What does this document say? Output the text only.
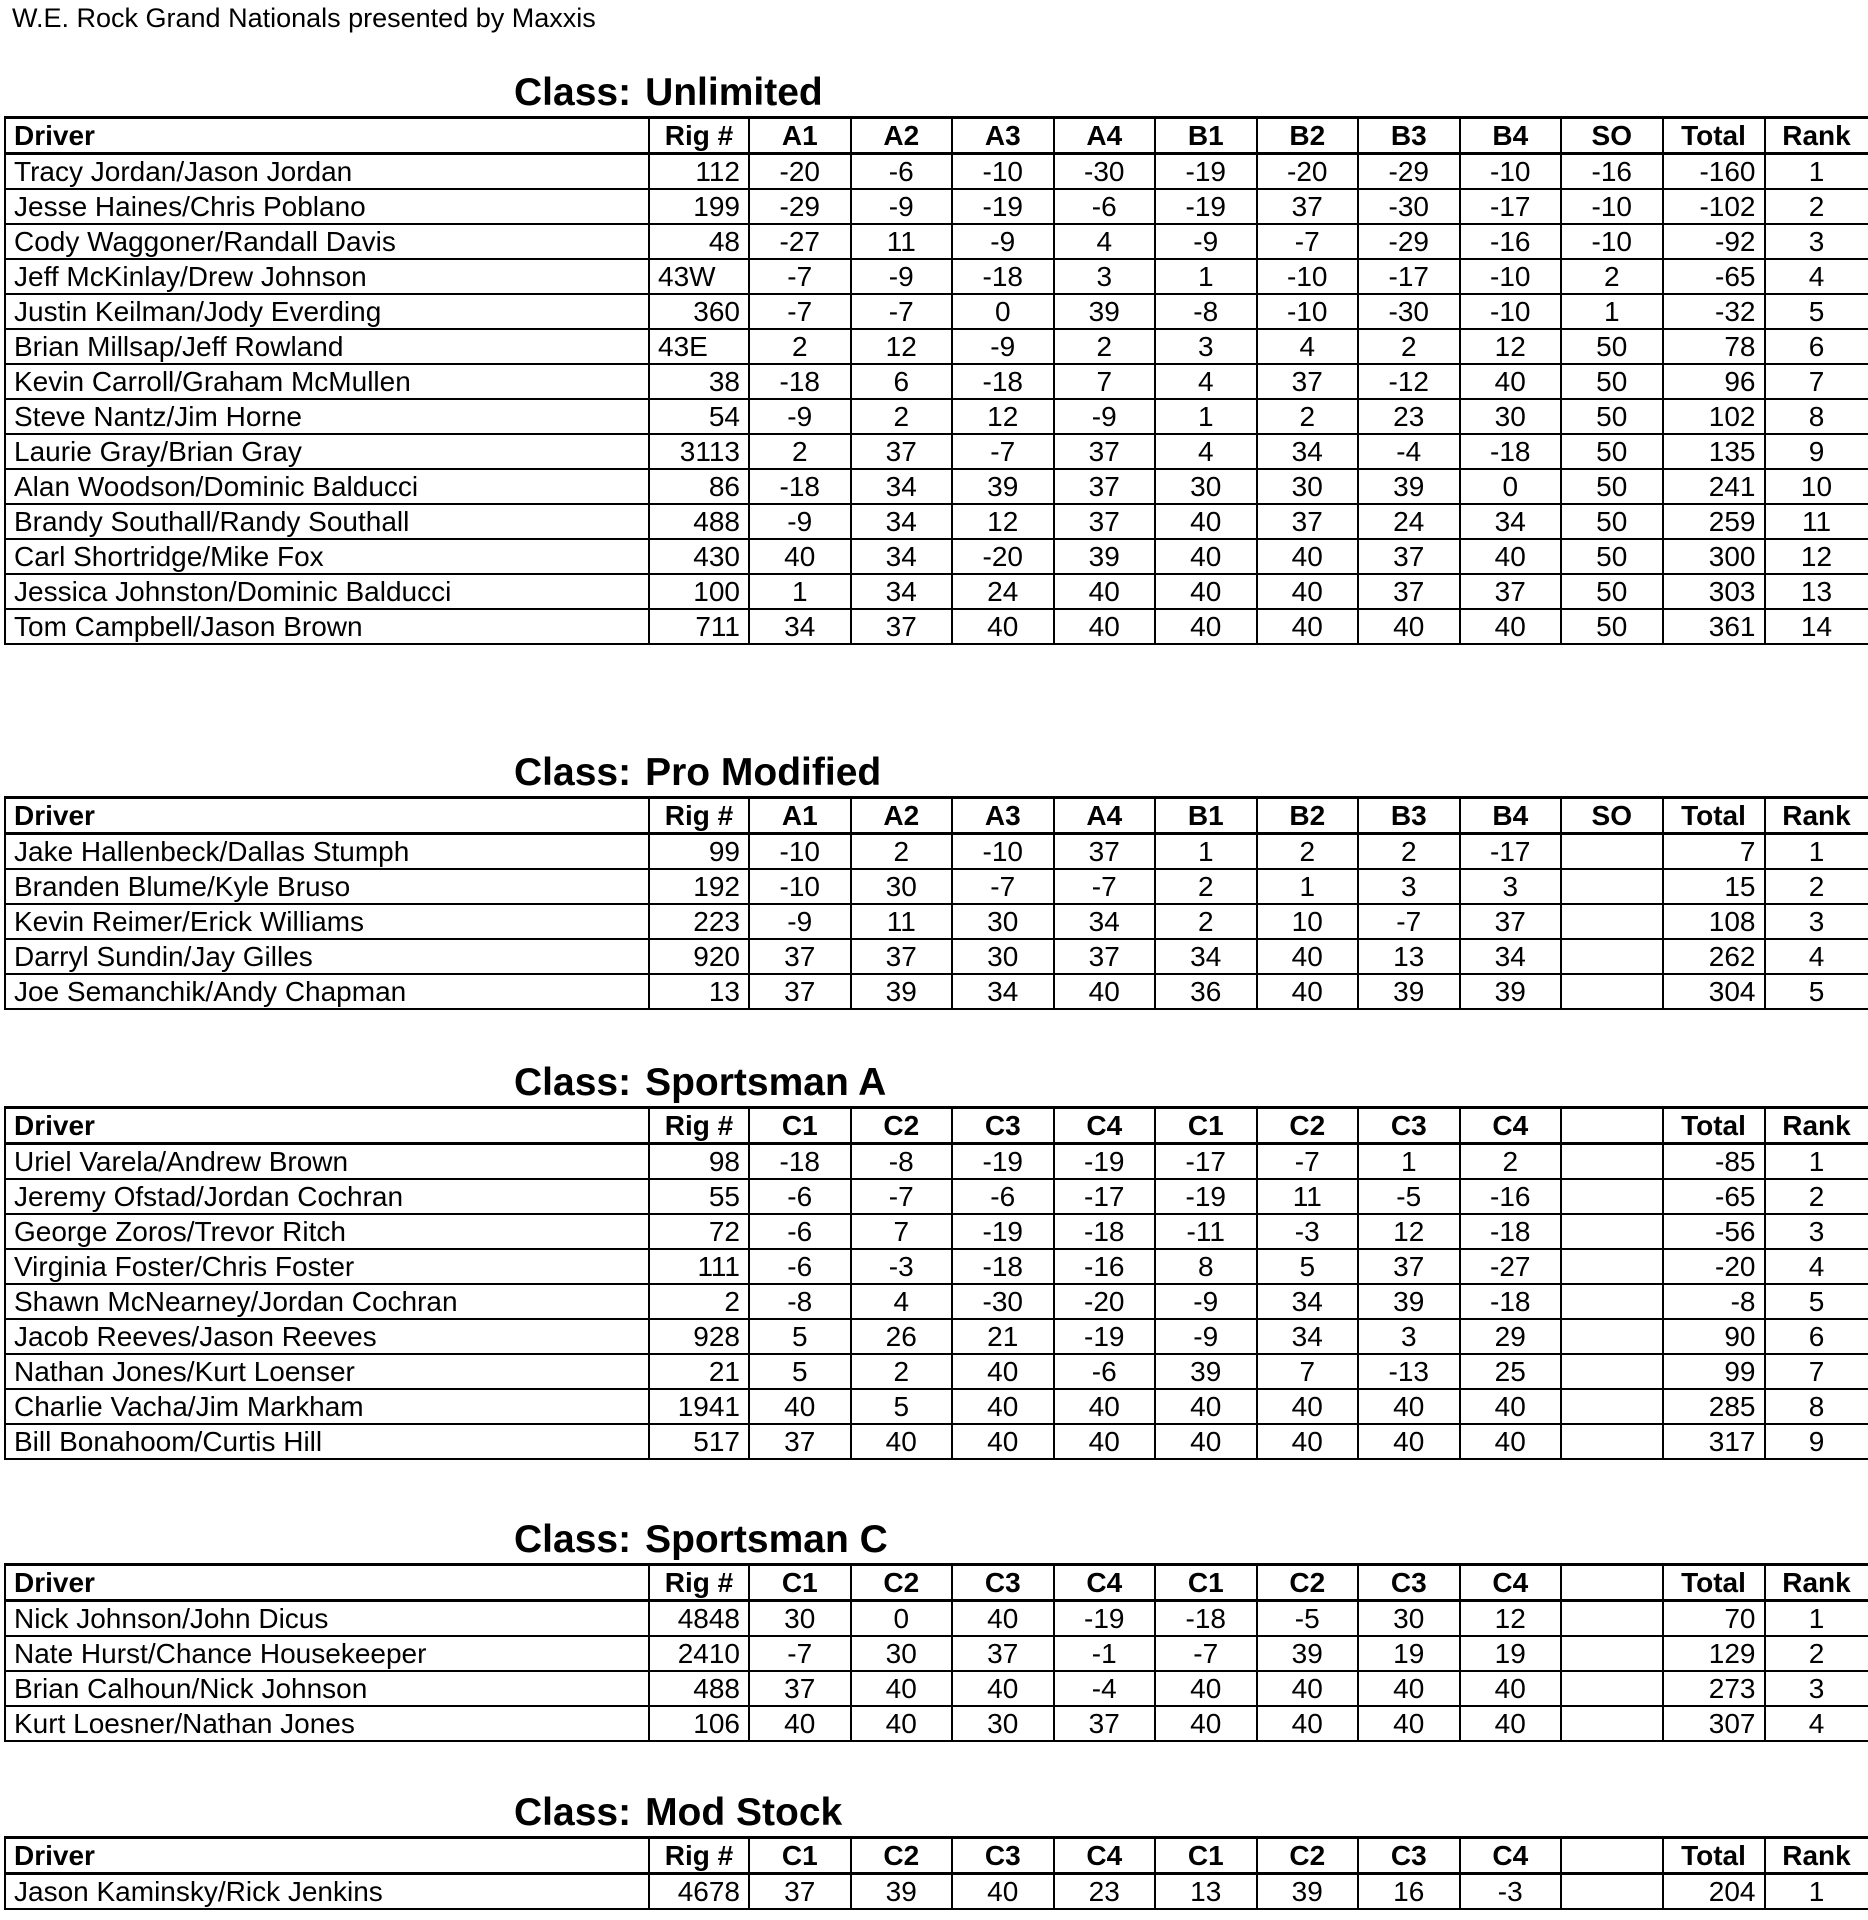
W.E. Rock Grand Nationals presented by Maxxis
Class: Unlimited
Driver	Rig #	A1	A2	A3	A4	B1	B2	B3	B4	SO	Total	Rank
Tracy Jordan/Jason Jordan	112	-20	-6	-10	-30	-19	-20	-29	-10	-16	-160	1
Jesse Haines/Chris Poblano	199	-29	-9	-19	-6	-19	37	-30	-17	-10	-102	2
Cody Waggoner/Randall Davis	48	-27	11	-9	4	-9	-7	-29	-16	-10	-92	3
Jeff McKinlay/Drew Johnson	43W	-7	-9	-18	3	1	-10	-17	-10	2	-65	4
Justin Keilman/Jody Everding	360	-7	-7	0	39	-8	-10	-30	-10	1	-32	5
Brian Millsap/Jeff Rowland	43E	2	12	-9	2	3	4	2	12	50	78	6
Kevin Carroll/Graham McMullen	38	-18	6	-18	7	4	37	-12	40	50	96	7
Steve Nantz/Jim Horne	54	-9	2	12	-9	1	2	23	30	50	102	8
Laurie Gray/Brian Gray	3113	2	37	-7	37	4	34	-4	-18	50	135	9
Alan Woodson/Dominic Balducci	86	-18	34	39	37	30	30	39	0	50	241	10
Brandy Southall/Randy Southall	488	-9	34	12	37	40	37	24	34	50	259	11
Carl Shortridge/Mike Fox	430	40	34	-20	39	40	40	37	40	50	300	12
Jessica Johnston/Dominic Balducci	100	1	34	24	40	40	40	37	37	50	303	13
Tom Campbell/Jason Brown	711	34	37	40	40	40	40	40	40	50	361	14
Class: Pro Modified
Driver	Rig #	A1	A2	A3	A4	B1	B2	B3	B4	SO	Total	Rank
Jake Hallenbeck/Dallas Stumph	99	-10	2	-10	37	1	2	2	-17		7	1
Branden Blume/Kyle Bruso	192	-10	30	-7	-7	2	1	3	3		15	2
Kevin Reimer/Erick Williams	223	-9	11	30	34	2	10	-7	37		108	3
Darryl Sundin/Jay Gilles	920	37	37	30	37	34	40	13	34		262	4
Joe Semanchik/Andy Chapman	13	37	39	34	40	36	40	39	39		304	5
Class: Sportsman A
Driver	Rig #	C1	C2	C3	C4	C1	C2	C3	C4		Total	Rank
Uriel Varela/Andrew Brown	98	-18	-8	-19	-19	-17	-7	1	2		-85	1
Jeremy Ofstad/Jordan Cochran	55	-6	-7	-6	-17	-19	11	-5	-16		-65	2
George Zoros/Trevor Ritch	72	-6	7	-19	-18	-11	-3	12	-18		-56	3
Virginia Foster/Chris Foster	111	-6	-3	-18	-16	8	5	37	-27		-20	4
Shawn McNearney/Jordan Cochran	2	-8	4	-30	-20	-9	34	39	-18		-8	5
Jacob Reeves/Jason Reeves	928	5	26	21	-19	-9	34	3	29		90	6
Nathan Jones/Kurt Loenser	21	5	2	40	-6	39	7	-13	25		99	7
Charlie Vacha/Jim Markham	1941	40	5	40	40	40	40	40	40		285	8
Bill Bonahoom/Curtis Hill	517	37	40	40	40	40	40	40	40		317	9
Class: Sportsman C
Driver	Rig #	C1	C2	C3	C4	C1	C2	C3	C4		Total	Rank
Nick Johnson/John Dicus	4848	30	0	40	-19	-18	-5	30	12		70	1
Nate Hurst/Chance Housekeeper	2410	-7	30	37	-1	-7	39	19	19		129	2
Brian Calhoun/Nick Johnson	488	37	40	40	-4	40	40	40	40		273	3
Kurt Loesner/Nathan Jones	106	40	40	30	37	40	40	40	40		307	4
Class: Mod Stock
Driver	Rig #	C1	C2	C3	C4	C1	C2	C3	C4		Total	Rank
Jason Kaminsky/Rick Jenkins	4678	37	39	40	23	13	39	16	-3		204	1
